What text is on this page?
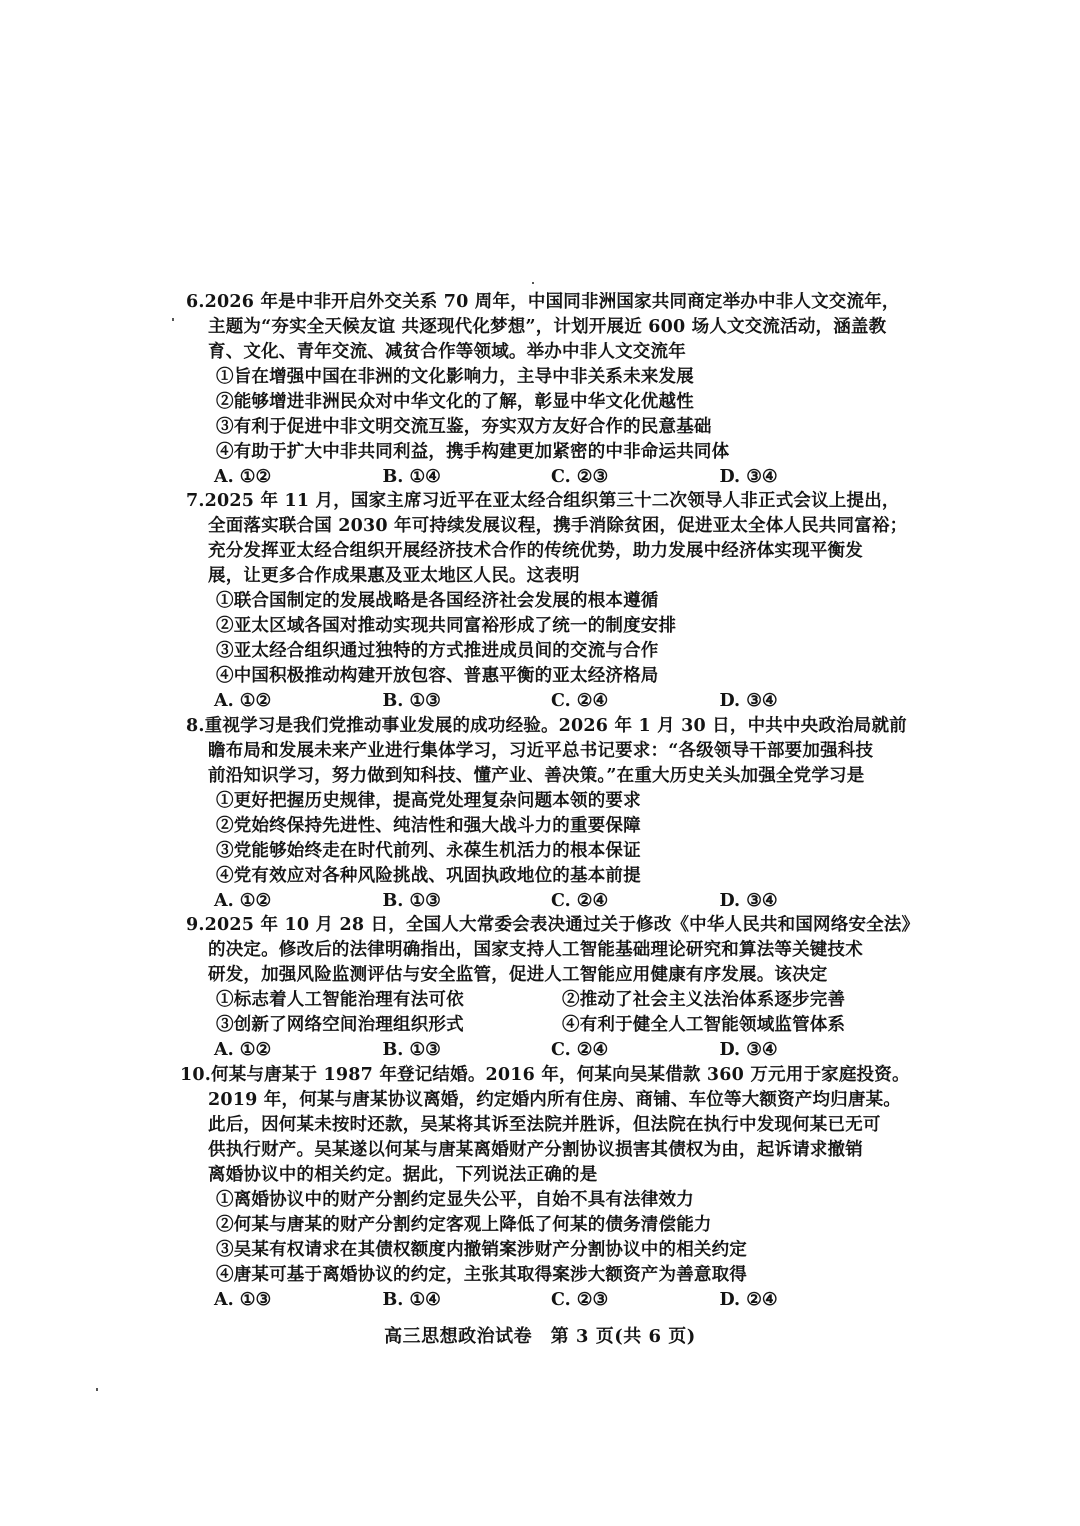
6.2026 年是中非开启外交关系 70 周年，中国同非洲国家共同商定举办中非人文交流年，
主题为“夯实全天候友谊 共逐现代化梦想”，计划开展近 600 场人文交流活动，涵盖教
育、文化、青年交流、减贫合作等领域。举办中非人文交流年
①旨在增强中国在非洲的文化影响力，主导中非关系未来发展
②能够增进非洲民众对中华文化的了解，彰显中华文化优越性
③有利于促进中非文明交流互鉴，夯实双方友好合作的民意基础
④有助于扩大中非共同利益，携手构建更加紧密的中非命运共同体
A. ①②	B. ①④	C. ②③	D. ③④
7.2025 年 11 月，国家主席习近平在亚太经合组织第三十二次领导人非正式会议上提出，
全面落实联合国 2030 年可持续发展议程，携手消除贫困，促进亚太全体人民共同富裕；
充分发挥亚太经合组织开展经济技术合作的传统优势，助力发展中经济体实现平衡发
展，让更多合作成果惠及亚太地区人民。这表明
①联合国制定的发展战略是各国经济社会发展的根本遵循
②亚太区域各国对推动实现共同富裕形成了统一的制度安排
③亚太经合组织通过独特的方式推进成员间的交流与合作
④中国积极推动构建开放包容、普惠平衡的亚太经济格局
A. ①②	B. ①③	C. ②④	D. ③④
8.重视学习是我们党推动事业发展的成功经验。2026 年 1 月 30 日，中共中央政治局就前
瞻布局和发展未来产业进行集体学习，习近平总书记要求：“各级领导干部要加强科技
前沿知识学习，努力做到知科技、懂产业、善决策。”在重大历史关头加强全党学习是
①更好把握历史规律，提高党处理复杂问题本领的要求
②党始终保持先进性、纯洁性和强大战斗力的重要保障
③党能够始终走在时代前列、永葆生机活力的根本保证
④党有效应对各种风险挑战、巩固执政地位的基本前提
A. ①②	B. ①③	C. ②④	D. ③④
9.2025 年 10 月 28 日，全国人大常委会表决通过关于修改《中华人民共和国网络安全法》
的决定。修改后的法律明确指出，国家支持人工智能基础理论研究和算法等关键技术
研发，加强风险监测评估与安全监管，促进人工智能应用健康有序发展。该决定
①标志着人工智能治理有法可依	②推动了社会主义法治体系逐步完善
③创新了网络空间治理组织形式	④有利于健全人工智能领域监管体系
A. ①②	B. ①③	C. ②④	D. ③④
10.何某与唐某于 1987 年登记结婚。2016 年，何某向吴某借款 360 万元用于家庭投资。
2019 年，何某与唐某协议离婚，约定婚内所有住房、商铺、车位等大额资产均归唐某。
此后，因何某未按时还款，吴某将其诉至法院并胜诉，但法院在执行中发现何某已无可
供执行财产。吴某遂以何某与唐某离婚财产分割协议损害其债权为由，起诉请求撤销
离婚协议中的相关约定。据此，下列说法正确的是
①离婚协议中的财产分割约定显失公平，自始不具有法律效力
②何某与唐某的财产分割约定客观上降低了何某的债务清偿能力
③吴某有权请求在其债权额度内撤销案涉财产分割协议中的相关约定
④唐某可基于离婚协议的约定，主张其取得案涉大额资产为善意取得
A. ①③	B. ①④	C. ②③	D. ②④
高三思想政治试卷　第 3 页(共 6 页)
